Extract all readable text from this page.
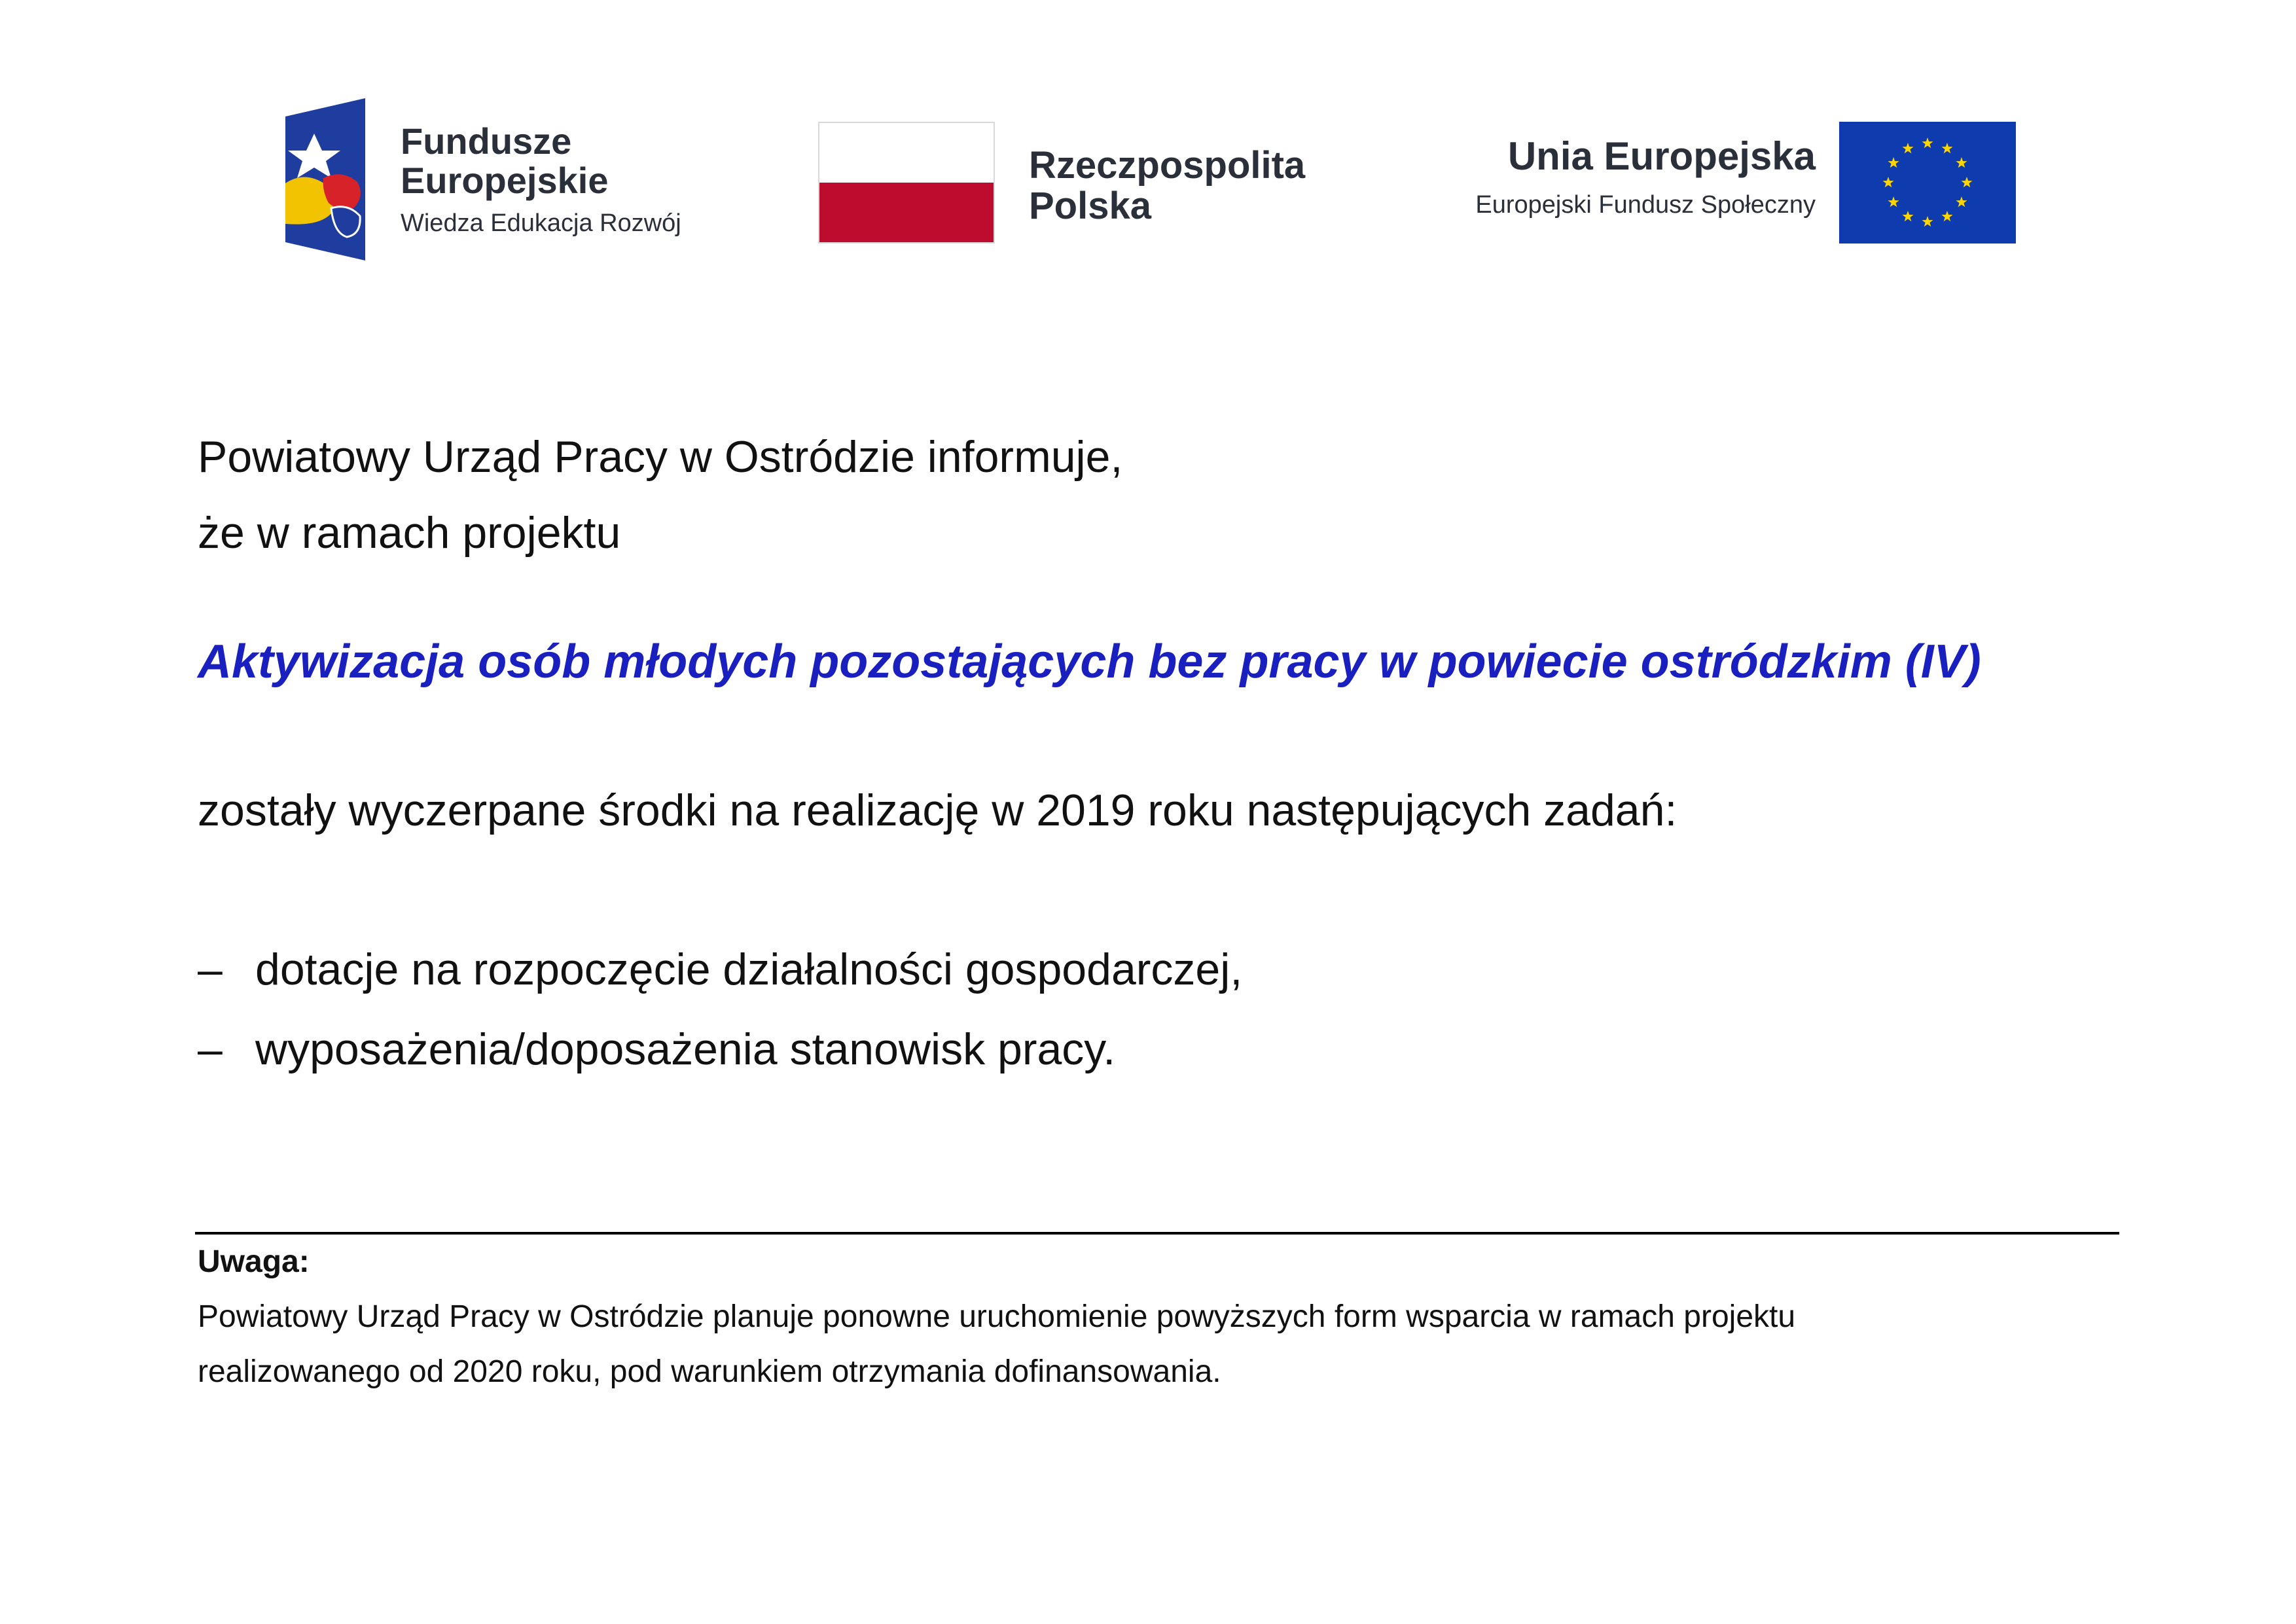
Fundusze
Europejskie
Wiedza Edukacja Rozwój
Rzeczpospolita
Polska
Unia Europejska
Europejski Fundusz Społeczny
Powiatowy Urząd Pracy w Ostródzie informuje,
że w ramach projektu
Aktywizacja osób młodych pozostających bez pracy w powiecie ostródzkim (IV)
zostały wyczerpane środki na realizację w 2019 roku następujących zadań:
– dotacje na rozpoczęcie działalności gospodarczej,
– wyposażenia/doposażenia stanowisk pracy.
Uwaga:
Powiatowy Urząd Pracy w Ostródzie planuje ponowne uruchomienie powyższych form wsparcia w ramach projektu
realizowanego od 2020 roku, pod warunkiem otrzymania dofinansowania.
